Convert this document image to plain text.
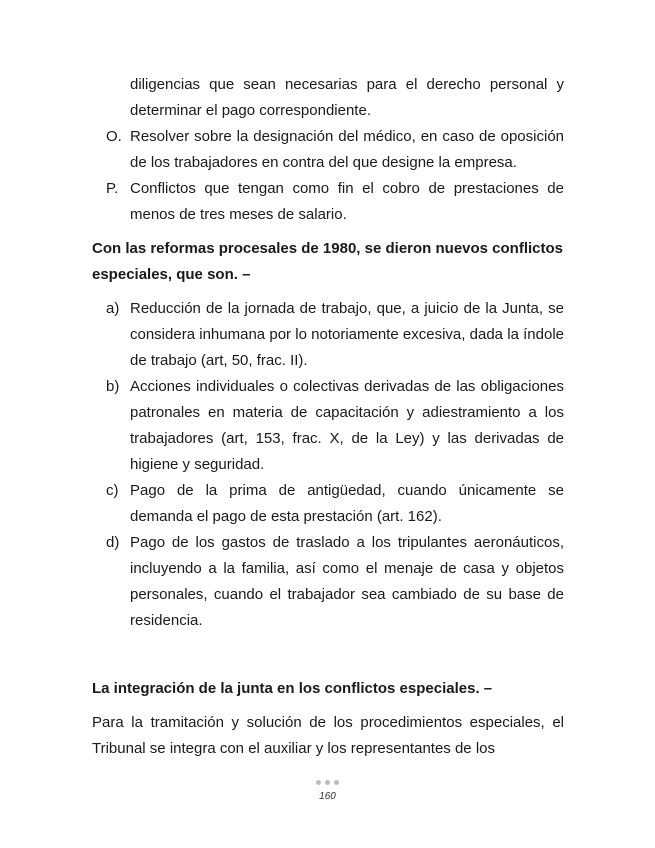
diligencias que sean necesarias para el derecho personal y determinar el pago correspondiente.
O. Resolver sobre la designación del médico, en caso de oposición de los trabajadores en contra del que designe la empresa.
P. Conflictos que tengan como fin el cobro de prestaciones de menos de tres meses de salario.
Con las reformas procesales de 1980, se dieron nuevos conflictos especiales, que son. –
a) Reducción de la jornada de trabajo, que, a juicio de la Junta, se considera inhumana por lo notoriamente excesiva, dada la índole de trabajo (art, 50, frac. II).
b) Acciones individuales o colectivas derivadas de las obligaciones patronales en materia de capacitación y adiestramiento a los trabajadores (art, 153, frac. X, de la Ley) y las derivadas de higiene y seguridad.
c) Pago de la prima de antigüedad, cuando únicamente se demanda el pago de esta prestación (art. 162).
d) Pago de los gastos de traslado a los tripulantes aeronáuticos, incluyendo a la familia, así como el menaje de casa y objetos personales, cuando el trabajador sea cambiado de su base de residencia.
La integración de la junta en los conflictos especiales. –
Para la tramitación y solución de los procedimientos especiales, el Tribunal se integra con el auxiliar y los representantes de los
160
